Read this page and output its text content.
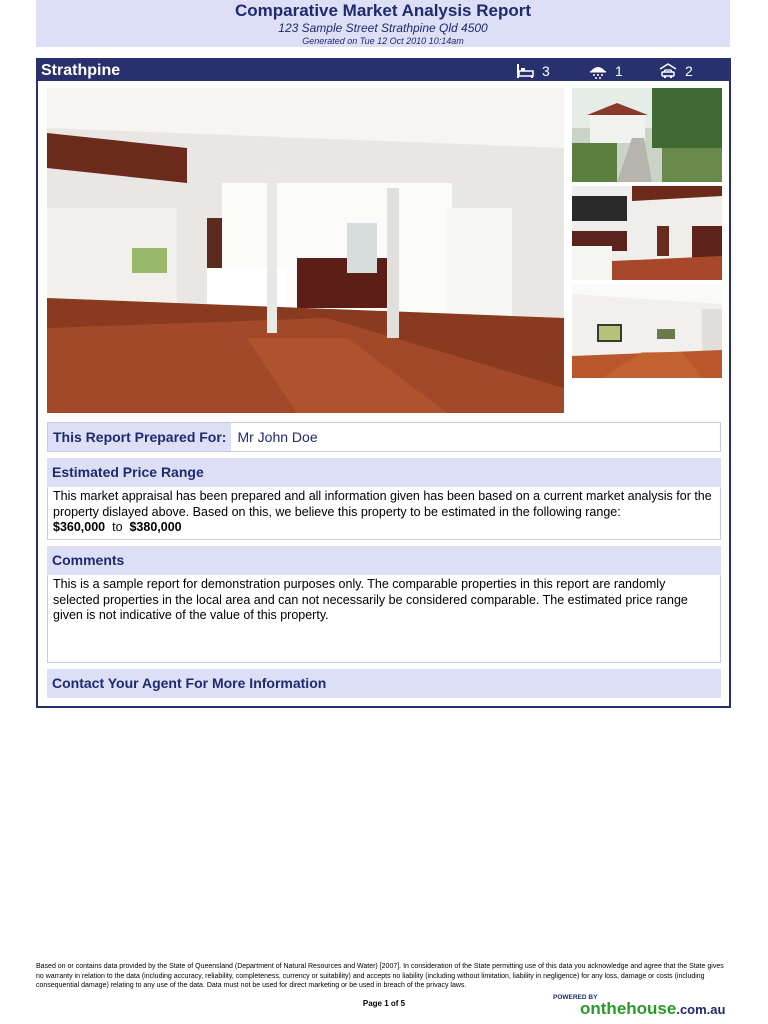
Comparative Market Analysis Report
123 Sample Street Strathpine Qld 4500
Generated on Tue 12 Oct 2010 10:14am
Strathpine	3	1	2
This Report Prepared For: Mr John Doe
Estimated Price Range
This market appraisal has been prepared and all information given has been based on a current market analysis for the property dislayed above. Based on this, we believe this property to be estimated in the following range:
$360,000 to $380,000
Comments
This is a sample report for demonstration purposes only. The comparable properties in this report are randomly selected properties in the local area and can not necessarily be considered comparable. The estimated price range given is not indicative of the value of this property.
Contact Your Agent For More Information
Based on or contains data provided by the State of Queensland (Department of Natural Resources and Water) [2007]. In consideration of the State permitting use of this data you acknowledge and agree that the State gives no warranty in relation to the data (including accuracy, reliability, completeness, currency or suitability) and accepts no liability (including without limitation, liability in negligence) for any loss, damage or costs (including consequential damage) relating to any use of the data. Data must not be used for direct marketing or be used in breach of the privacy laws.
Page 1 of 5
POWERED BY
onthehouse.com.au
